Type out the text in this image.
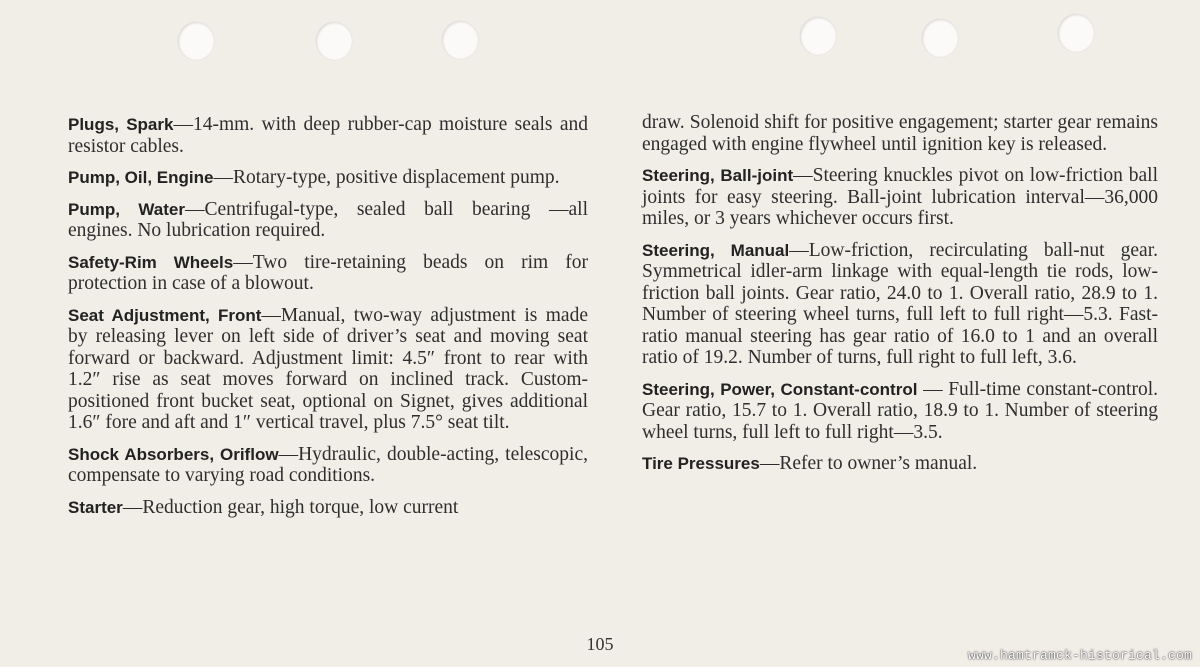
Plugs, Spark—14-mm. with deep rubber-cap moisture seals and resistor cables.

Pump, Oil, Engine—Rotary-type, positive displacement pump.

Pump, Water—Centrifugal-type, sealed ball bearing —all engines. No lubrication required.

Safety-Rim Wheels—Two tire-retaining beads on rim for protection in case of a blowout.

Seat Adjustment, Front—Manual, two-way adjustment is made by releasing lever on left side of driver’s seat and moving seat forward or backward. Adjustment limit: 4.5″ front to rear with 1.2″ rise as seat moves forward on inclined track. Custom-positioned front bucket seat, optional on Signet, gives additional 1.6″ fore and aft and 1″ vertical travel, plus 7.5° seat tilt.

Shock Absorbers, Oriflow—Hydraulic, double-acting, telescopic, compensate to varying road conditions.

Starter—Reduction gear, high torque, low current

draw. Solenoid shift for positive engagement; starter gear remains engaged with engine flywheel until ignition key is released.

Steering, Ball-joint—Steering knuckles pivot on low-friction ball joints for easy steering. Ball-joint lubrication interval—36,000 miles, or 3 years whichever occurs first.

Steering, Manual—Low-friction, recirculating ball-nut gear. Symmetrical idler-arm linkage with equal-length tie rods, low-friction ball joints. Gear ratio, 24.0 to 1. Overall ratio, 28.9 to 1. Number of steering wheel turns, full left to full right—5.3. Fast-ratio manual steering has gear ratio of 16.0 to 1 and an overall ratio of 19.2. Number of turns, full right to full left, 3.6.

Steering, Power, Constant-control — Full-time constant-control. Gear ratio, 15.7 to 1. Overall ratio, 18.9 to 1. Number of steering wheel turns, full left to full right—3.5.

Tire Pressures—Refer to owner’s manual.

105
www.hamtramck-historical.com
